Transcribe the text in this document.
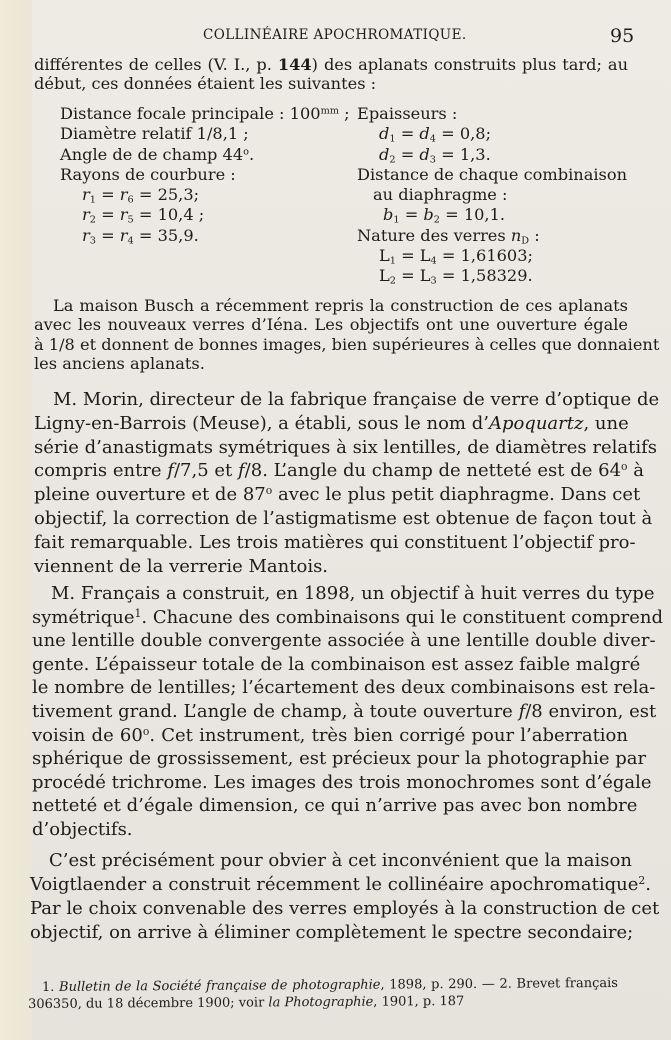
COLLINÉAIRE APOCHROMATIQUE.	95
différentes de celles (V. I., p. 144) des aplanats construits plus tard; au
début, ces données étaient les suivantes :
Distance focale principale : $100^{mm}$ ;
Diamètre relatif 1/8,1 ;
Angle de de champ 44$^o$.
Rayons de courbure :
$r_1 = r_6 = 25,3$;
$r_2 = r_5 = 10,4$ ;
$r_3 = r_4 = 35,9$.
Epaisseurs :
$d_1 = d_4 = 0,8$;
$d_2 = d_3 = 1,3$.
Distance de chaque combinaison
au diaphragme :
$b_1 = b_2 = 10,1$.
Nature des verres $n_D$ :
$L_1 = L_4 = 1,61603$;
$L_2 = L_3 = 1,58329$.
La maison Busch a récemment repris la construction de ces aplanats
avec les nouveaux verres d’Iéna. Les objectifs ont une ouverture égale
à 1/8 et donnent de bonnes images, bien supérieures à celles que donnaient
les anciens aplanats.
M. Morin, directeur de la fabrique française de verre d’optique de
Ligny-en-Barrois (Meuse), a établi, sous le nom d’Apoquartz, une
série d’anastigmats symétriques à six lentilles, de diamètres relatifs
compris entre f/7,5 et f/8. L’angle du champ de netteté est de 64$^o$ à
pleine ouverture et de 87$^o$ avec le plus petit diaphragme. Dans cet
objectif, la correction de l’astigmatisme est obtenue de façon tout à
fait remarquable. Les trois matières qui constituent l’objectif pro-
viennent de la verrerie Mantois.
M. Français a construit, en 1898, un objectif à huit verres du type
symétrique$^1$. Chacune des combinaisons qui le constituent comprend
une lentille double convergente associée à une lentille double diver-
gente. L’épaisseur totale de la combinaison est assez faible malgré
le nombre de lentilles; l’écartement des deux combinaisons est rela-
tivement grand. L’angle de champ, à toute ouverture f/8 environ, est
voisin de 60$^o$. Cet instrument, très bien corrigé pour l’aberration
sphérique de grossissement, est précieux pour la photographie par
procédé trichrome. Les images des trois monochromes sont d’égale
netteté et d’égale dimension, ce qui n’arrive pas avec bon nombre
d’objectifs.
C’est précisément pour obvier à cet inconvénient que la maison
Voigtlaender a construit récemment le collinéaire apochromatique$^2$.
Par le choix convenable des verres employés à la construction de cet
objectif, on arrive à éliminer complètement le spectre secondaire;
1. Bulletin de la Société française de photographie, 1898, p. 290. — 2. Brevet français
306350, du 18 décembre 1900; voir la Photographie, 1901, p. 187
